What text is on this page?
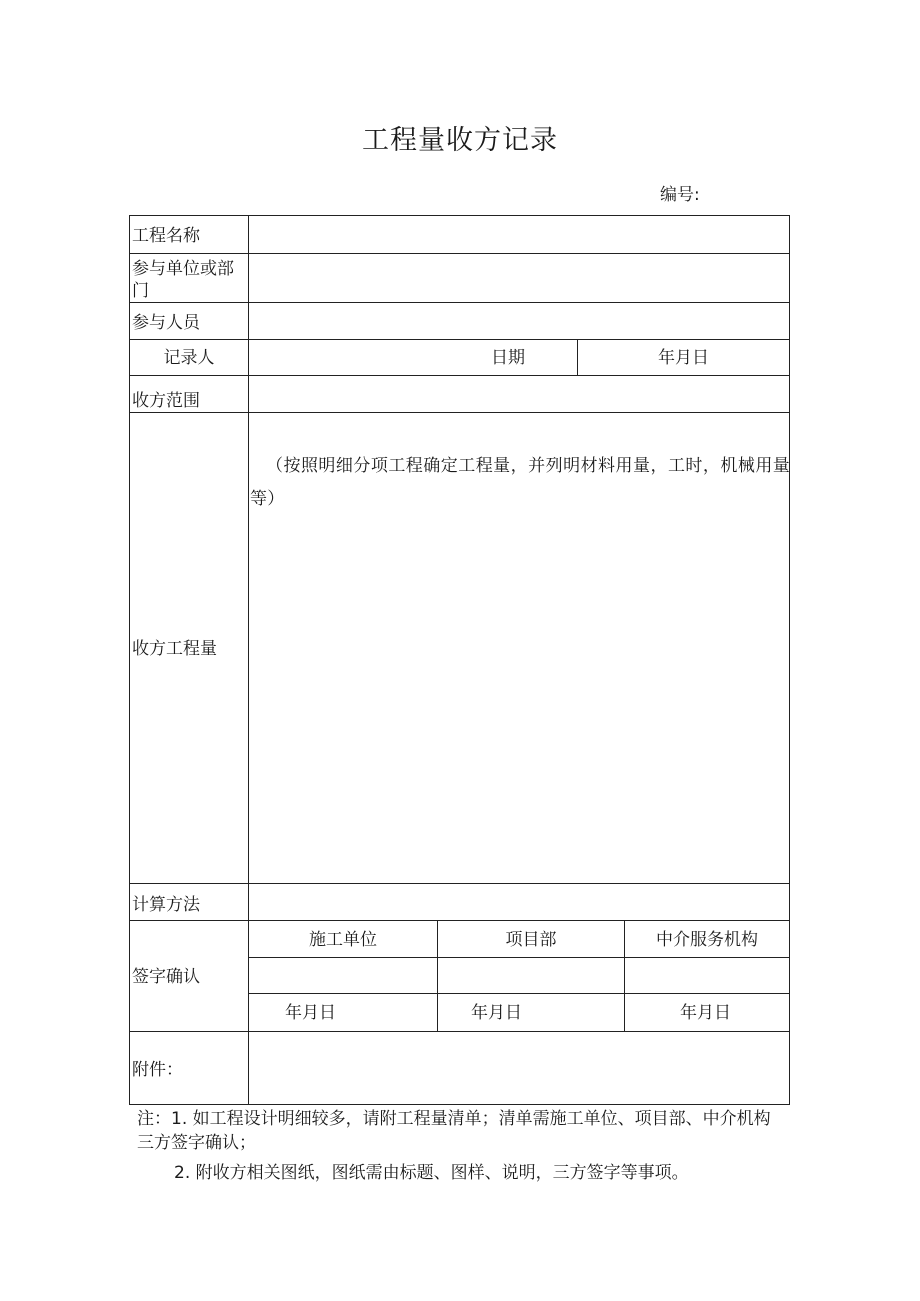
工程量收方记录
编号:
工程名称
参与单位或部
门
参与人员
记录人	日期	年月日
收方范围
收方工程量
（按照明细分项工程确定工程量，并列明材料用量，工时，机械用量等）
计算方法
签字确认
施工单位	项目部	中介服务机构
年月日	年月日	年月日
附件：
注：1. 如工程设计明细较多，请附工程量清单；清单需施工单位、项目部、中介机构三方签字确认；
2. 附收方相关图纸，图纸需由标题、图样、说明，三方签字等事项。
